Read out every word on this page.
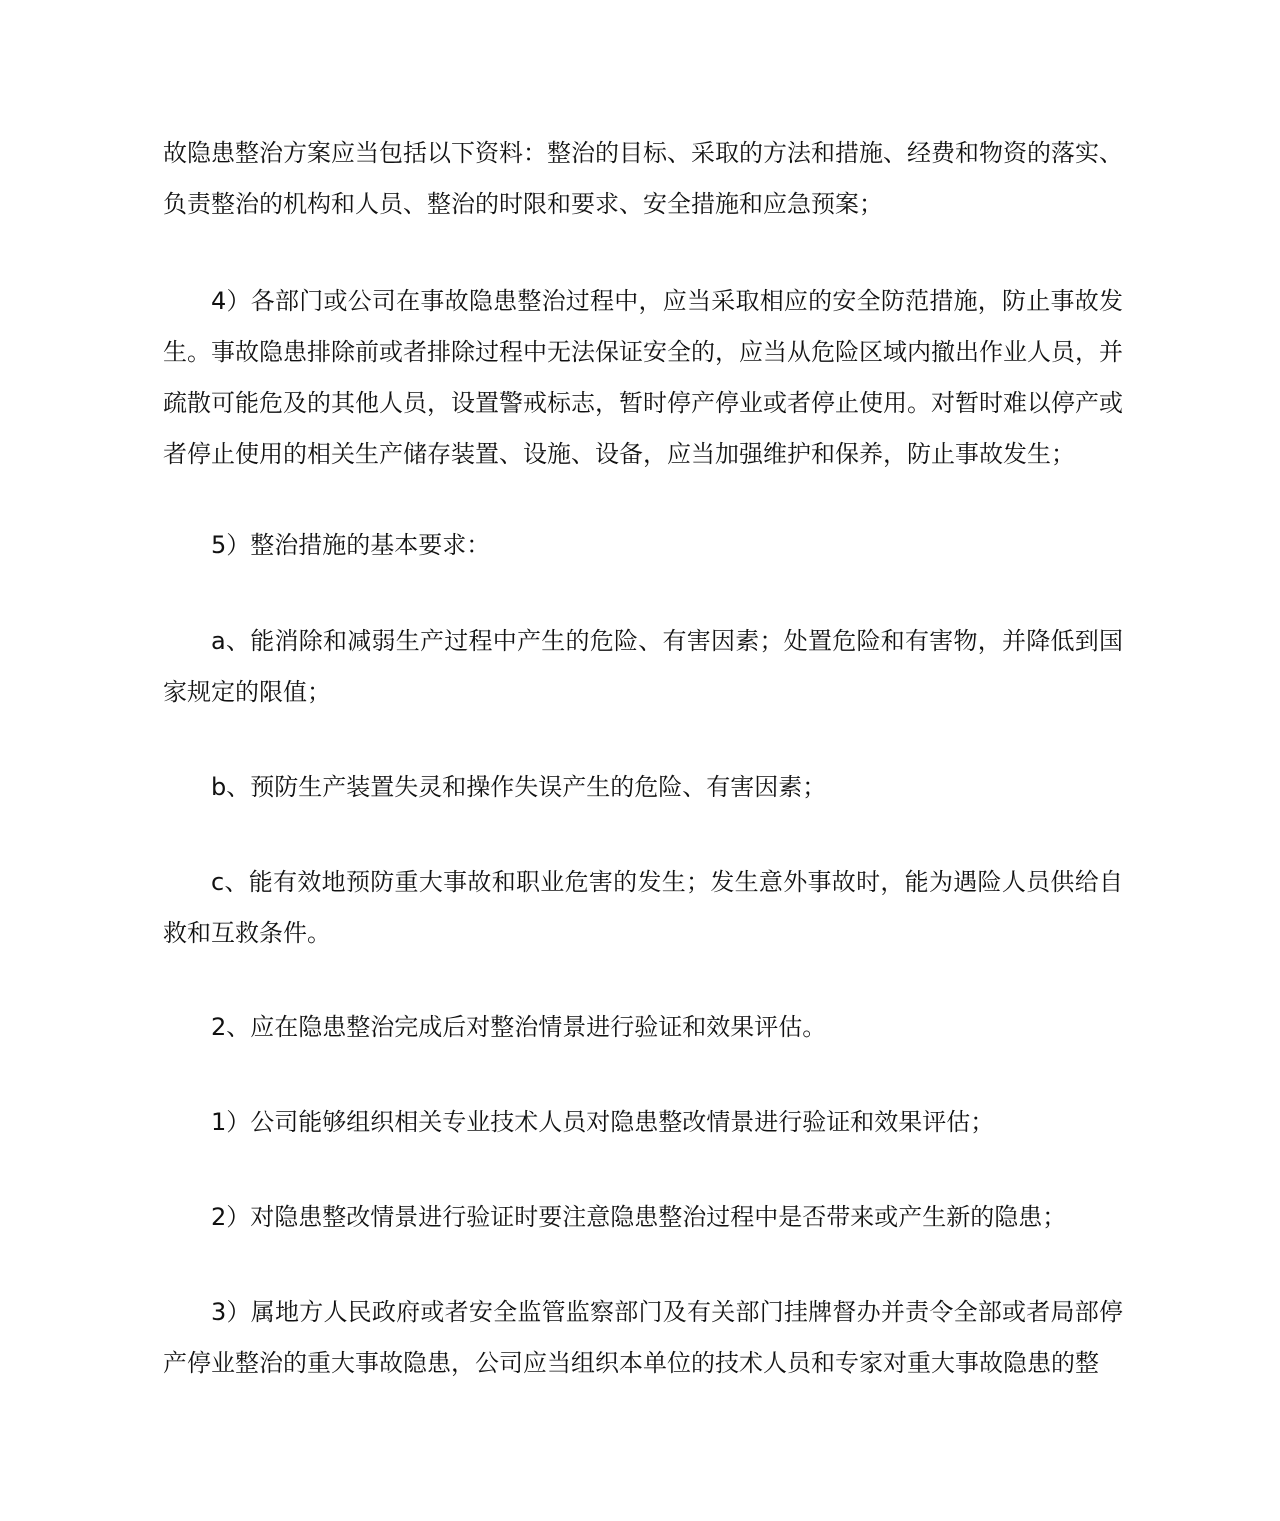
故隐患整治方案应当包括以下资料：整治的目标、采取的方法和措施、经费和物资的落实、负责整治的机构和人员、整治的时限和要求、安全措施和应急预案；

4）各部门或公司在事故隐患整治过程中，应当采取相应的安全防范措施，防止事故发生。事故隐患排除前或者排除过程中无法保证安全的，应当从危险区域内撤出作业人员，并疏散可能危及的其他人员，设置警戒标志，暂时停产停业或者停止使用。对暂时难以停产或者停止使用的相关生产储存装置、设施、设备，应当加强维护和保养，防止事故发生；

5）整治措施的基本要求：

a、能消除和减弱生产过程中产生的危险、有害因素；处置危险和有害物，并降低到国家规定的限值；

b、预防生产装置失灵和操作失误产生的危险、有害因素；

c、能有效地预防重大事故和职业危害的发生；发生意外事故时，能为遇险人员供给自救和互救条件。

2、应在隐患整治完成后对整治情景进行验证和效果评估。

1）公司能够组织相关专业技术人员对隐患整改情景进行验证和效果评估；

2）对隐患整改情景进行验证时要注意隐患整治过程中是否带来或产生新的隐患；

3）属地方人民政府或者安全监管监察部门及有关部门挂牌督办并责令全部或者局部停产停业整治的重大事故隐患，公司应当组织本单位的技术人员和专家对重大事故隐患的整
